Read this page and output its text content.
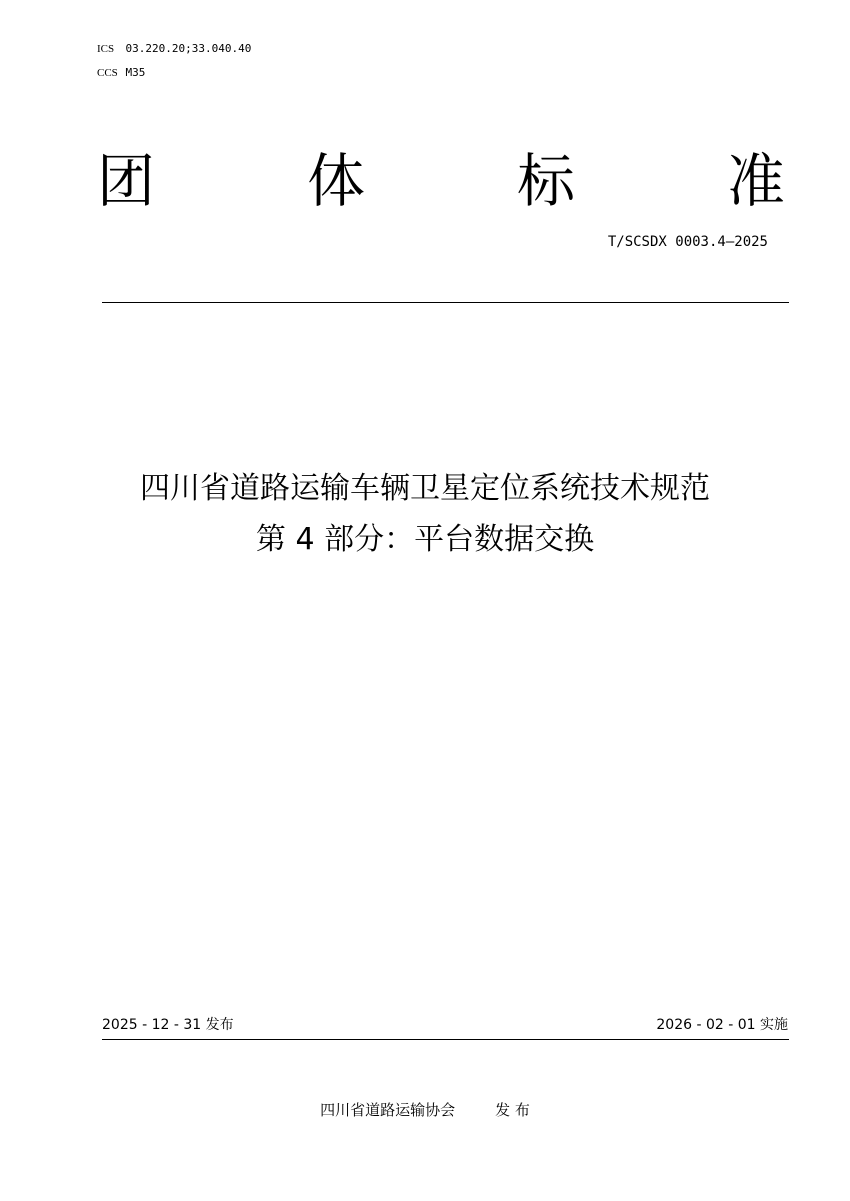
ICS 03.220.20;33.040.40
CCS M35
团	体	标	准
T/SCSDX 0003.4—2025
四川省道路运输车辆卫星定位系统技术规范
第 4 部分：平台数据交换
2025 - 12 - 31 发布	2026 - 02 - 01 实施
四川省道路运输协会	发 布
